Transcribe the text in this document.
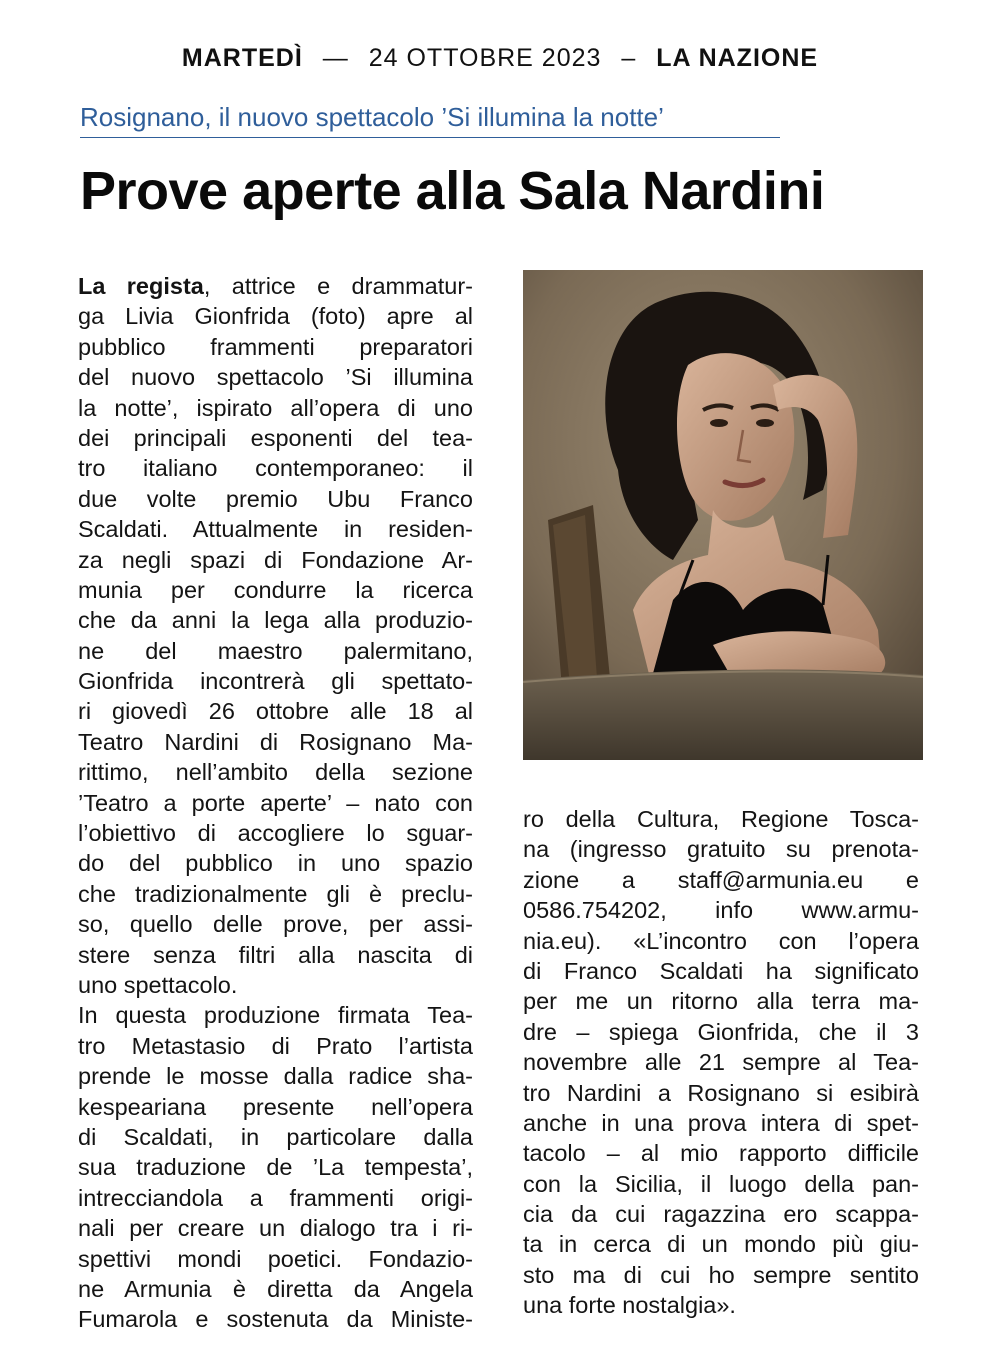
MARTEDÌ — 24 OTTOBRE 2023 – LA NAZIONE
Rosignano, il nuovo spettacolo ’Si illumina la notte’
Prove aperte alla Sala Nardini
La regista, attrice e drammatur-
ga Livia Gionfrida (foto) apre al
pubblico frammenti preparatori
del nuovo spettacolo ’Si illumina
la notte’, ispirato all’opera di uno
dei principali esponenti del tea-
tro italiano contemporaneo: il
due volte premio Ubu Franco
Scaldati. Attualmente in residen-
za negli spazi di Fondazione Ar-
munia per condurre la ricerca
che da anni la lega alla produzio-
ne del maestro palermitano,
Gionfrida incontrerà gli spettato-
ri giovedì 26 ottobre alle 18 al
Teatro Nardini di Rosignano Ma-
rittimo, nell’ambito della sezione
’Teatro a porte aperte’ – nato con
l’obiettivo di accogliere lo sguar-
do del pubblico in uno spazio
che tradizionalmente gli è preclu-
so, quello delle prove, per assi-
stere senza filtri alla nascita di
uno spettacolo.
In questa produzione firmata Tea-
tro Metastasio di Prato l’artista
prende le mosse dalla radice sha-
kespeariana presente nell’opera
di Scaldati, in particolare dalla
sua traduzione de ’La tempesta’,
intrecciandola a frammenti origi-
nali per creare un dialogo tra i ri-
spettivi mondi poetici. Fondazio-
ne Armunia è diretta da Angela
Fumarola e sostenuta da Ministe-
ro della Cultura, Regione Tosca-
na (ingresso gratuito su prenota-
zione a staff@armunia.eu e
0586.754202, info www.armu-
nia.eu). «L’incontro con l’opera
di Franco Scaldati ha significato
per me un ritorno alla terra ma-
dre – spiega Gionfrida, che il 3
novembre alle 21 sempre al Tea-
tro Nardini a Rosignano si esibirà
anche in una prova intera di spet-
tacolo – al mio rapporto difficile
con la Sicilia, il luogo della pan-
cia da cui ragazzina ero scappa-
ta in cerca di un mondo più giu-
sto ma di cui ho sempre sentito
una forte nostalgia».
